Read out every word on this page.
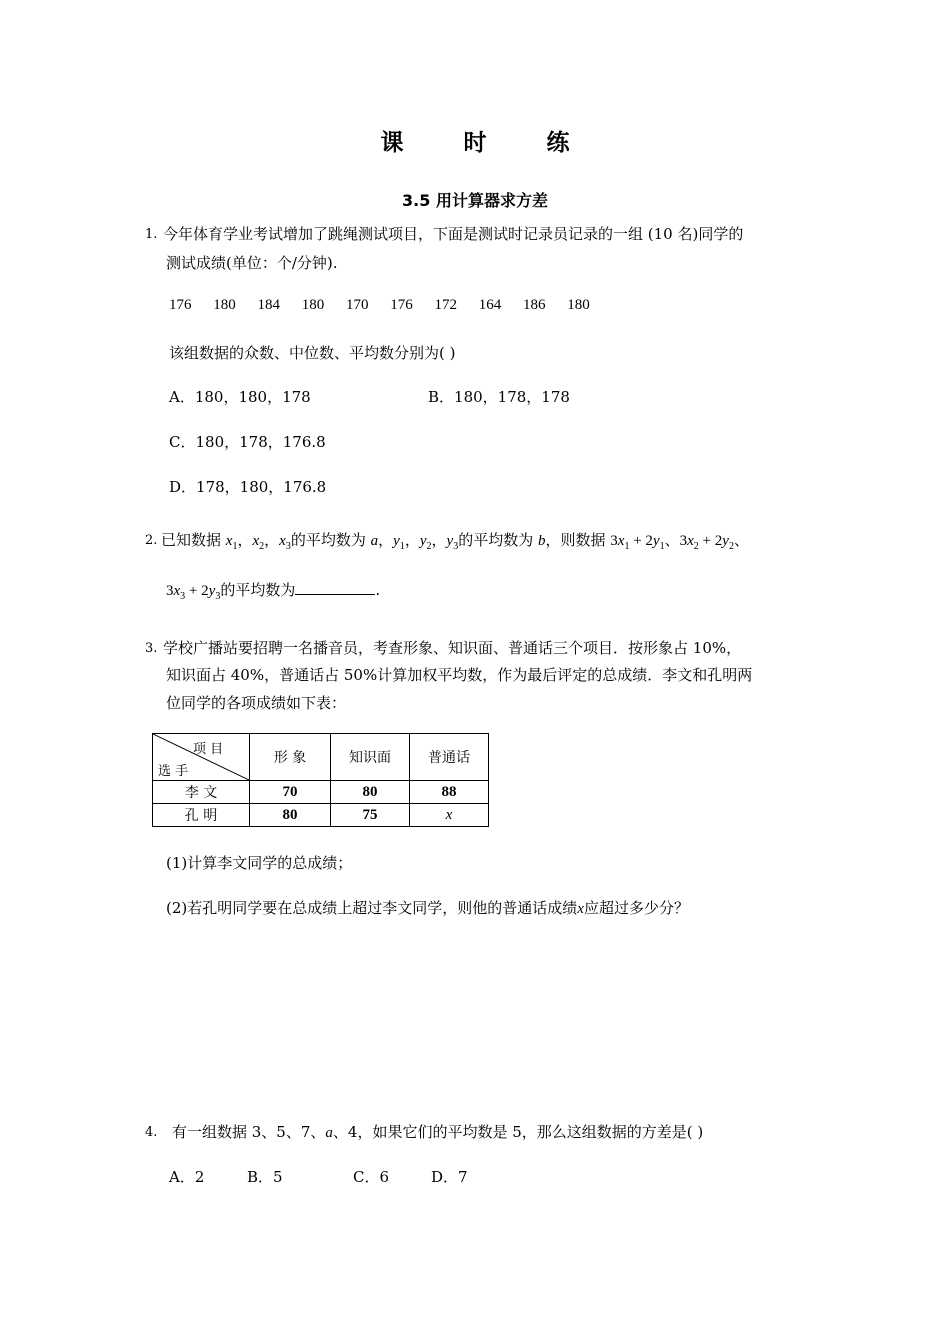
课 时 练
3.5 用计算器求方差
1. 今年体育学业考试增加了跳绳测试项目，下面是测试时记录员记录的一组 (10 名)同学的
测试成绩(单位：个/分钟).
176 180 184 180 170 176 172 164 186 180
该组数据的众数、中位数、平均数分别为( )
A．180，180，178	B．180，178，178
C．180，178，176.8
D．178，180，176.8
2. 已知数据 $x_1$，$x_2$，$x_3$的平均数为 a，$y_1$，$y_2$，$y_3$的平均数为 b，则数据 $3x_1 + 2y_1$、$3x_2 + 2y_2$、
$3x_3 + 2y_3$的平均数为	.
3. 学校广播站要招聘一名播音员，考查形象、知识面、普通话三个项目．按形象占 10%，
知识面占 40%，普通话占 50%计算加权平均数，作为最后评定的总成绩．李文和孔明两
位同学的各项成绩如下表：
项 目
选 手	形 象	知识面	普通话
李 文	70	80	88
孔 明	80	75	x
(1)计算李文同学的总成绩；
(2)若孔明同学要在总成绩上超过李文同学，则他的普通话成绩x应超过多少分？
4. 有一组数据 3、5、7、a、4，如果它们的平均数是 5，那么这组数据的方差是( )
A．2	B．5	C．6	D．7
